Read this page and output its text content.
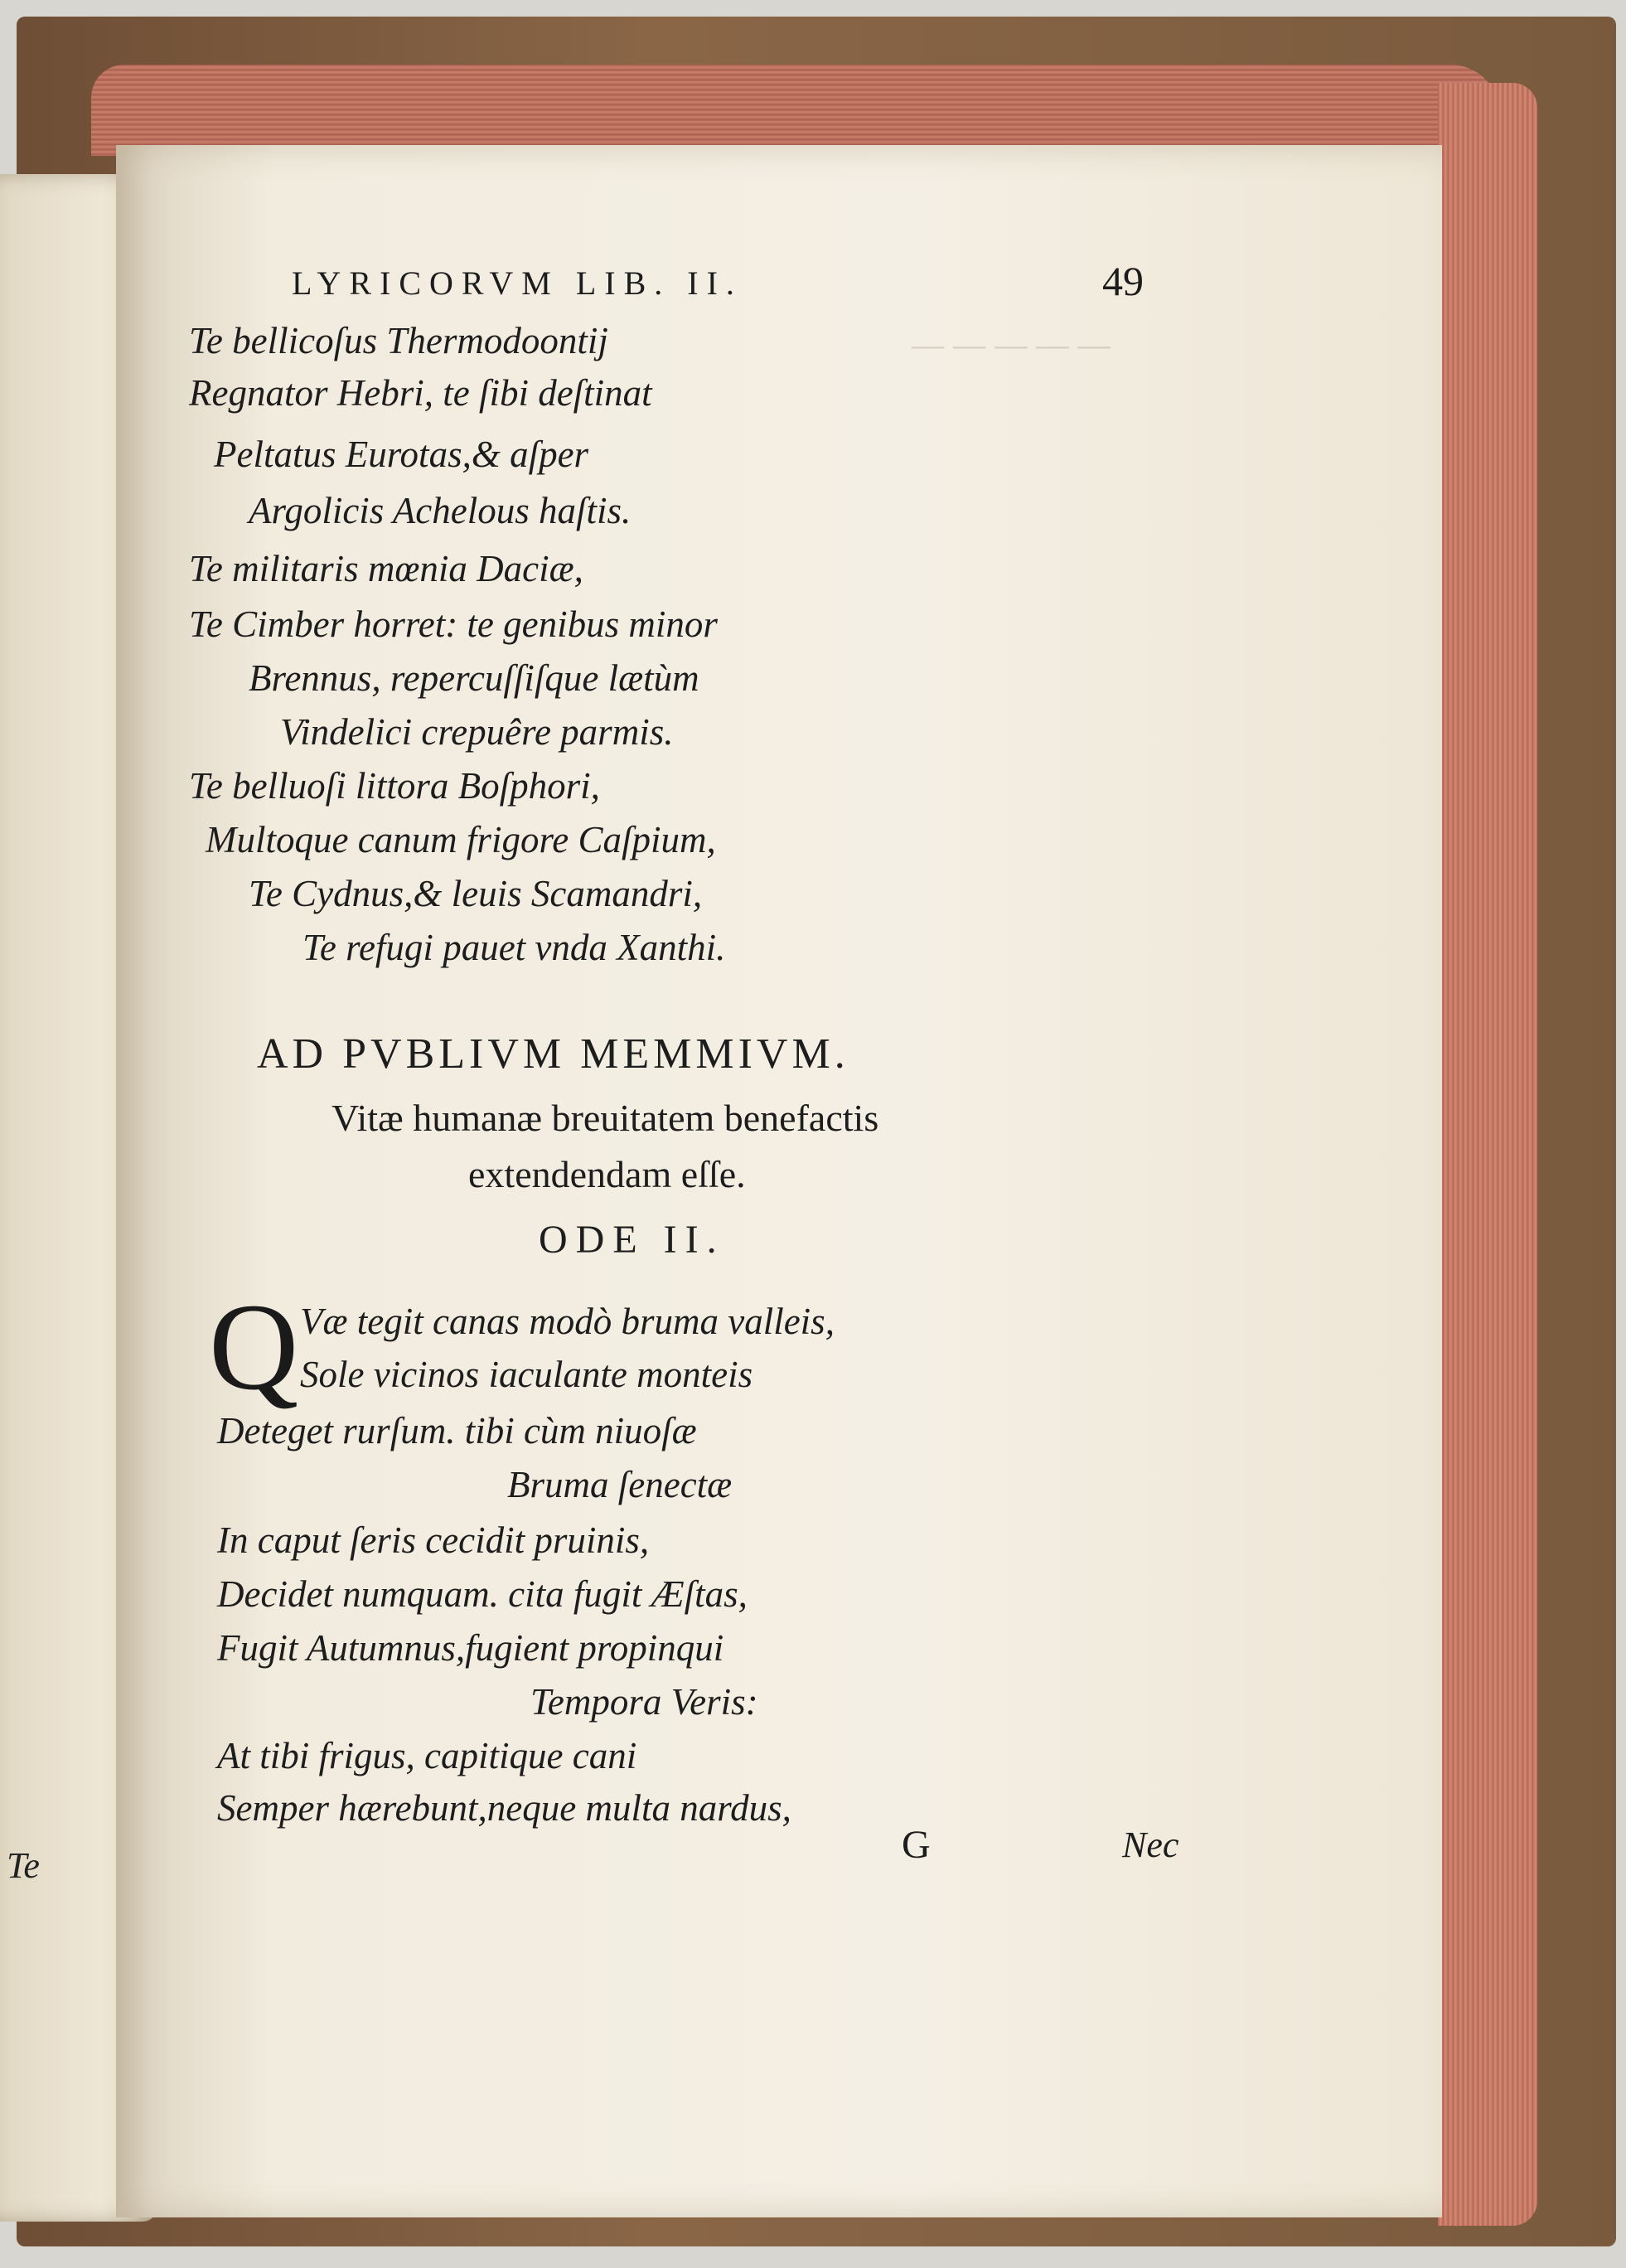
Te
— — — — —
LYRICORVM LIB. II.	49
Te bellicoſus Thermodoontij
Regnator Hebri, te ſibi deſtinat
Peltatus Eurotas,& aſper
Argolicis Achelous haſtis.
Te militaris mœnia Daciæ,
Te Cimber horret: te genibus minor
Brennus, repercuſſiſque lætùm
Vindelici crepuêre parmis.
Te belluoſi littora Boſphori,
Multoque canum frigore Caſpium,
Te Cydnus,& leuis Scamandri,
Te refugi pauet vnda Xanthi.
AD PVBLIVM MEMMIVM.
Vitæ humanæ breuitatem benefactis
extendendam eſſe.
ODE II.
Q Væ tegit canas modò bruma valleis,
Sole vicinos iaculante monteis
Deteget rurſum. tibi cùm niuoſæ
Bruma ſenectæ
In caput ſeris cecidit pruinis,
Decidet numquam. cita fugit Æſtas,
Fugit Autumnus,fugient propinqui
Tempora Veris:
At tibi frigus, capitique cani
Semper hærebunt,neque multa nardus,
G	Nec
